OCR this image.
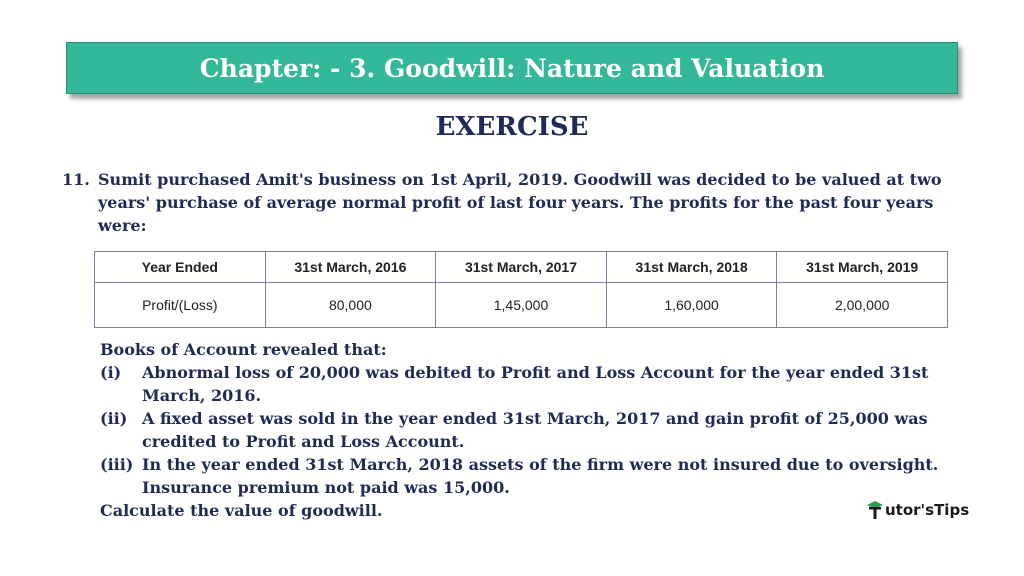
Chapter: - 3. Goodwill: Nature and Valuation
EXERCISE
11. Sumit purchased Amit's business on 1st April, 2019. Goodwill was decided to be valued at two years' purchase of average normal profit of last four years. The profits for the past four years were:
Year Ended	31st March, 2016	31st March, 2017	31st March, 2018	31st March, 2019
Profit/(Loss)	80,000	1,45,000	1,60,000	2,00,000
Books of Account revealed that:
(i)	Abnormal loss of 20,000 was debited to Profit and Loss Account for the year ended 31st March, 2016.
(ii) A fixed asset was sold in the year ended 31st March, 2017 and gain profit of 25,000 was credited to Profit and Loss Account.
(iii) In the year ended 31st March, 2018 assets of the firm were not insured due to oversight. Insurance premium not paid was 15,000.
Calculate the value of goodwill.	utor's Tips
